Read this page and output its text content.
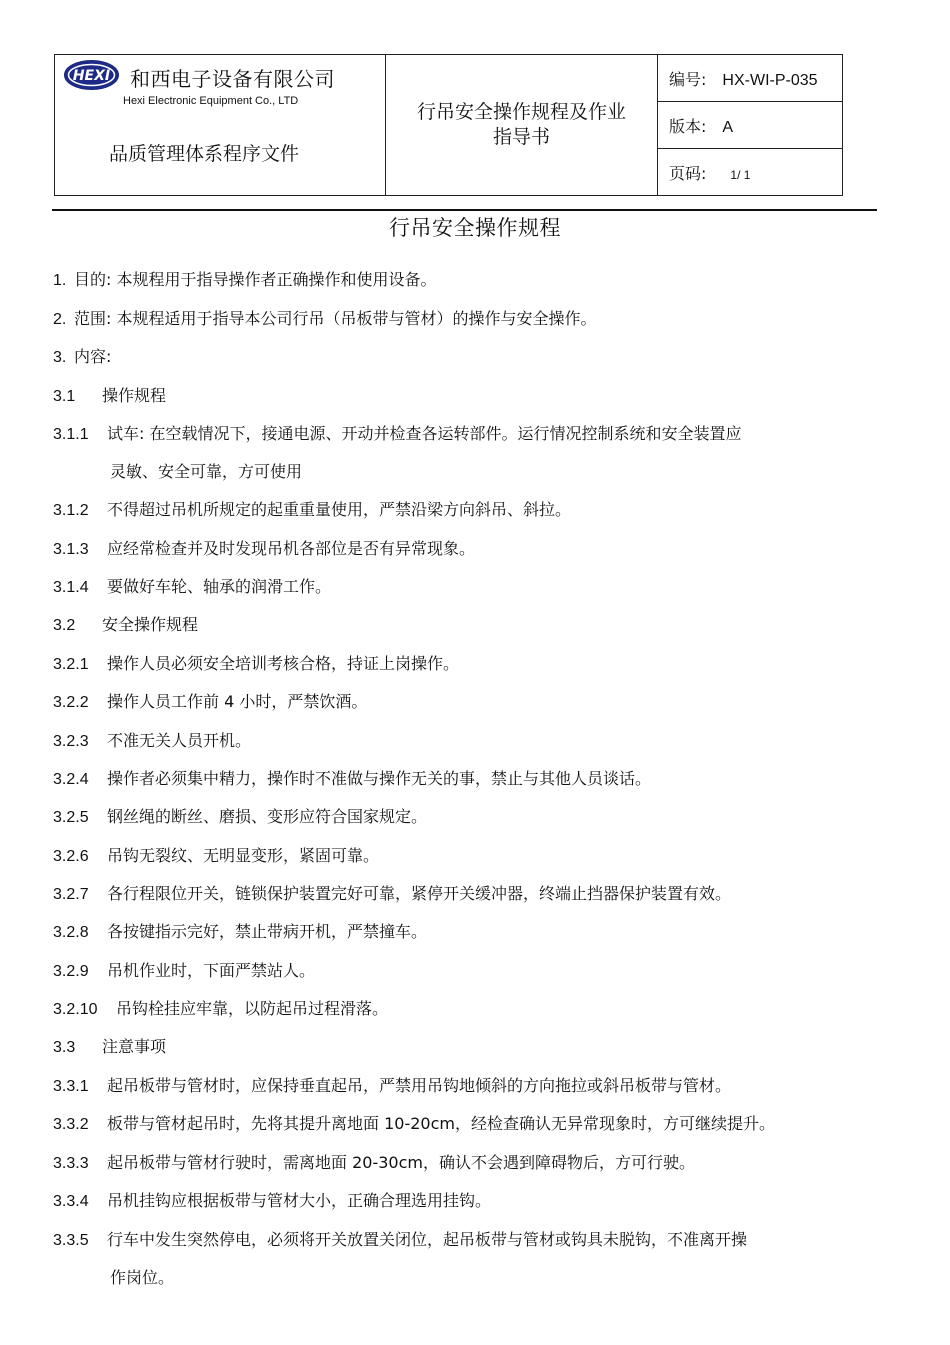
HEXI 和西电子设备有限公司
Hexi Electronic Equipment Co., LTD
品质管理体系程序文件

行吊安全操作规程及作业
指导书
	编号: HX-WI-P-035
版本: A
页码: 1/ 1
行吊安全操作规程
1. 目的: 本规程用于指导操作者正确操作和使用设备。
2. 范围: 本规程适用于指导本公司行吊（吊板带与管材）的操作与安全操作。
3. 内容:
3.1 操作规程
3.1.1 试车: 在空载情况下，接通电源、开动并检查各运转部件。运行情况控制系统和安全装置应
灵敏、安全可靠，方可使用
3.1.2 不得超过吊机所规定的起重重量使用，严禁沿梁方向斜吊、斜拉。
3.1.3 应经常检查并及时发现吊机各部位是否有异常现象。
3.1.4 要做好车轮、轴承的润滑工作。
3.2 安全操作规程
3.2.1 操作人员必须安全培训考核合格，持证上岗操作。
3.2.2 操作人员工作前 4 小时，严禁饮酒。
3.2.3 不准无关人员开机。
3.2.4 操作者必须集中精力，操作时不准做与操作无关的事，禁止与其他人员谈话。
3.2.5 钢丝绳的断丝、磨损、变形应符合国家规定。
3.2.6 吊钩无裂纹、无明显变形，紧固可靠。
3.2.7 各行程限位开关，链锁保护装置完好可靠，紧停开关缓冲器，终端止挡器保护装置有效。
3.2.8 各按键指示完好，禁止带病开机，严禁撞车。
3.2.9 吊机作业时，下面严禁站人。
3.2.10 吊钩栓挂应牢靠，以防起吊过程滑落。
3.3 注意事项
3.3.1 起吊板带与管材时，应保持垂直起吊，严禁用吊钩地倾斜的方向拖拉或斜吊板带与管材。
3.3.2 板带与管材起吊时，先将其提升离地面 10-20cm，经检查确认无异常现象时，方可继续提升。
3.3.3 起吊板带与管材行驶时，需离地面 20-30cm，确认不会遇到障碍物后，方可行驶。
3.3.4 吊机挂钩应根据板带与管材大小，正确合理选用挂钩。
3.3.5 行车中发生突然停电，必须将开关放置关闭位，起吊板带与管材或钩具未脱钩，不准离开操
作岗位。
